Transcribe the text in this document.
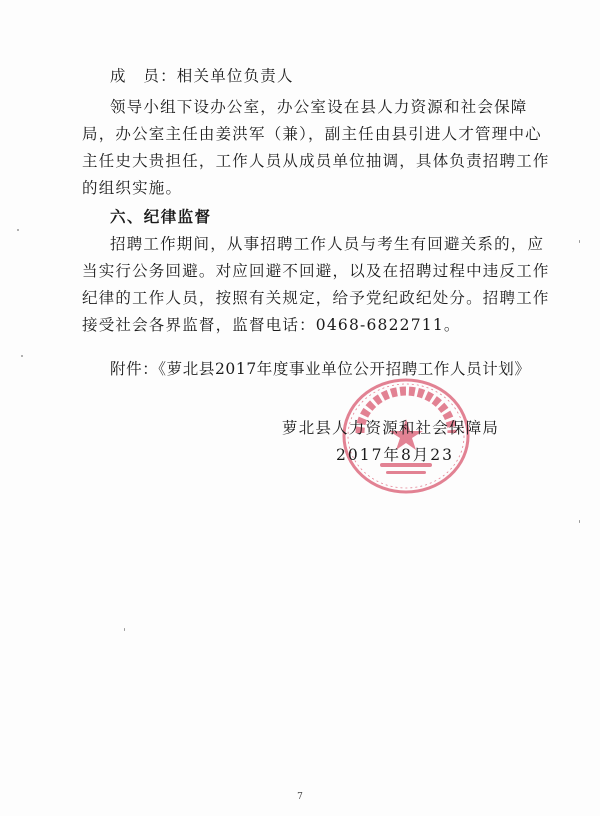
成　员：相关单位负责人
领导小组下设办公室，办公室设在县人力资源和社会保障
局，办公室主任由姜洪军（兼），副主任由县引进人才管理中心
主任史大贵担任，工作人员从成员单位抽调，具体负责招聘工作
的组织实施。
六、纪律监督
招聘工作期间，从事招聘工作人员与考生有回避关系的，应
当实行公务回避。对应回避不回避，以及在招聘过程中违反工作
纪律的工作人员，按照有关规定，给予党纪政纪处分。招聘工作
接受社会各界监督，监督电话：0468-6822711。
附件：《萝北县2017年度事业单位公开招聘工作人员计划》
萝北县人力资源和社会保障局
2017年8月23
7
